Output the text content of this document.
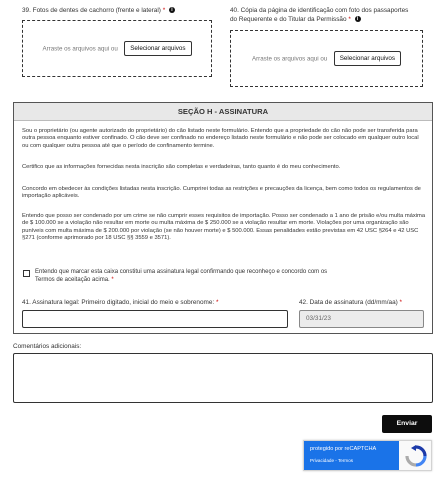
39. Fotos de dentes de cachorro (frente e lateral) * i
Arraste os arquivos aqui ou Selecionar arquivos
40. Cópia da página de identificação com foto dos passaportes do Requerente e do Titular da Permissão * i
Arraste os arquivos aqui ou Selecionar arquivos
SEÇÃO H - ASSINATURA
Sou o proprietário (ou agente autorizado do proprietário) do cão listado neste formulário. Entendo que a propriedade do cão não pode ser transferida para outra pessoa enquanto estiver confinado. O cão deve ser confinado no endereço listado neste formulário e não pode ser colocado em qualquer outro local ou com qualquer outra pessoa até que o período de confinamento termine.
Certifico que as informações fornecidas nesta inscrição são completas e verdadeiras, tanto quanto é do meu conhecimento.
Concordo em obedecer às condições listadas nesta inscrição. Cumprirei todas as restrições e precauções da licença, bem como todos os regulamentos de importação aplicáveis.
Entendo que posso ser condenado por um crime se não cumprir esses requisitos de importação. Posso ser condenado a 1 ano de prisão e/ou multa máxima de $ 100.000 se a violação não resultar em morte ou multa máxima de $ 250.000 se a violação resultar em morte. Violações por uma organização são puníveis com multa máxima de $ 200.000 por violação (se não houver morte) e $ 500.000. Essas penalidades estão previstas em 42 USC §264 e 42 USC §271 (conforme aprimorado por 18 USC §§ 3559 e 3571).
Entendo que marcar esta caixa constitui uma assinatura legal confirmando que reconheço e concordo com os Termos de aceitação acima. *
41. Assinatura legal: Primeiro digitado, inicial do meio e sobrenome: *	42. Data de assinatura (dd/mm/aa) *
03/31/23
Comentários adicionais:
Enviar
protegido por reCAPTCHA
Privacidade - Termos
